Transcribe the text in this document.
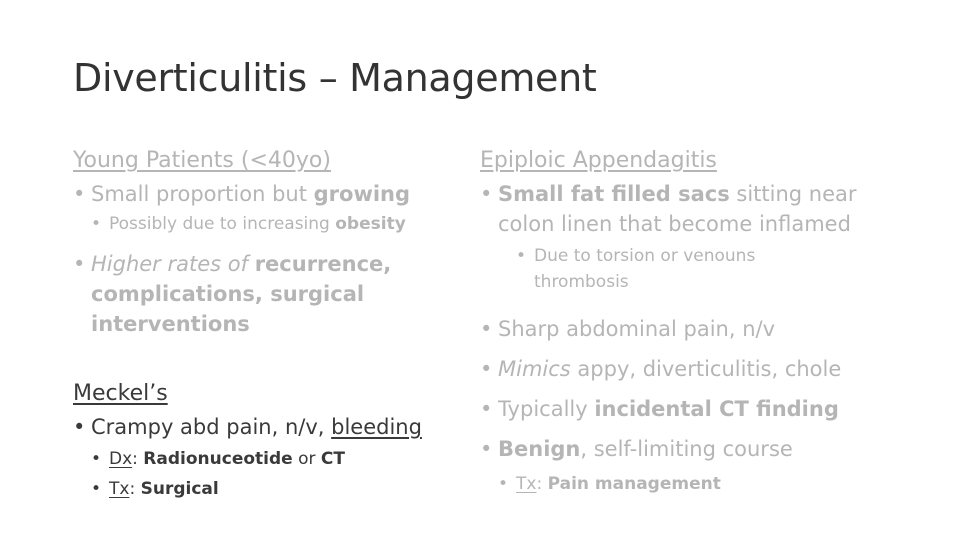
Diverticulitis – Management
Young Patients (<40yo)
• Small proportion but growing
• Possibly due to increasing obesity
• Higher rates of recurrence, complications, surgical interventions
Meckel’s
• Crampy abd pain, n/v, bleeding
• Dx: Radionuceotide or CT
• Tx: Surgical
Epiploic Appendagitis
• Small fat filled sacs sitting near colon linen that become inflamed
• Due to torsion or venouns thrombosis
• Sharp abdominal pain, n/v
• Mimics appy, diverticulitis, chole
• Typically incidental CT finding
• Benign, self-limiting course
• Tx: Pain management
